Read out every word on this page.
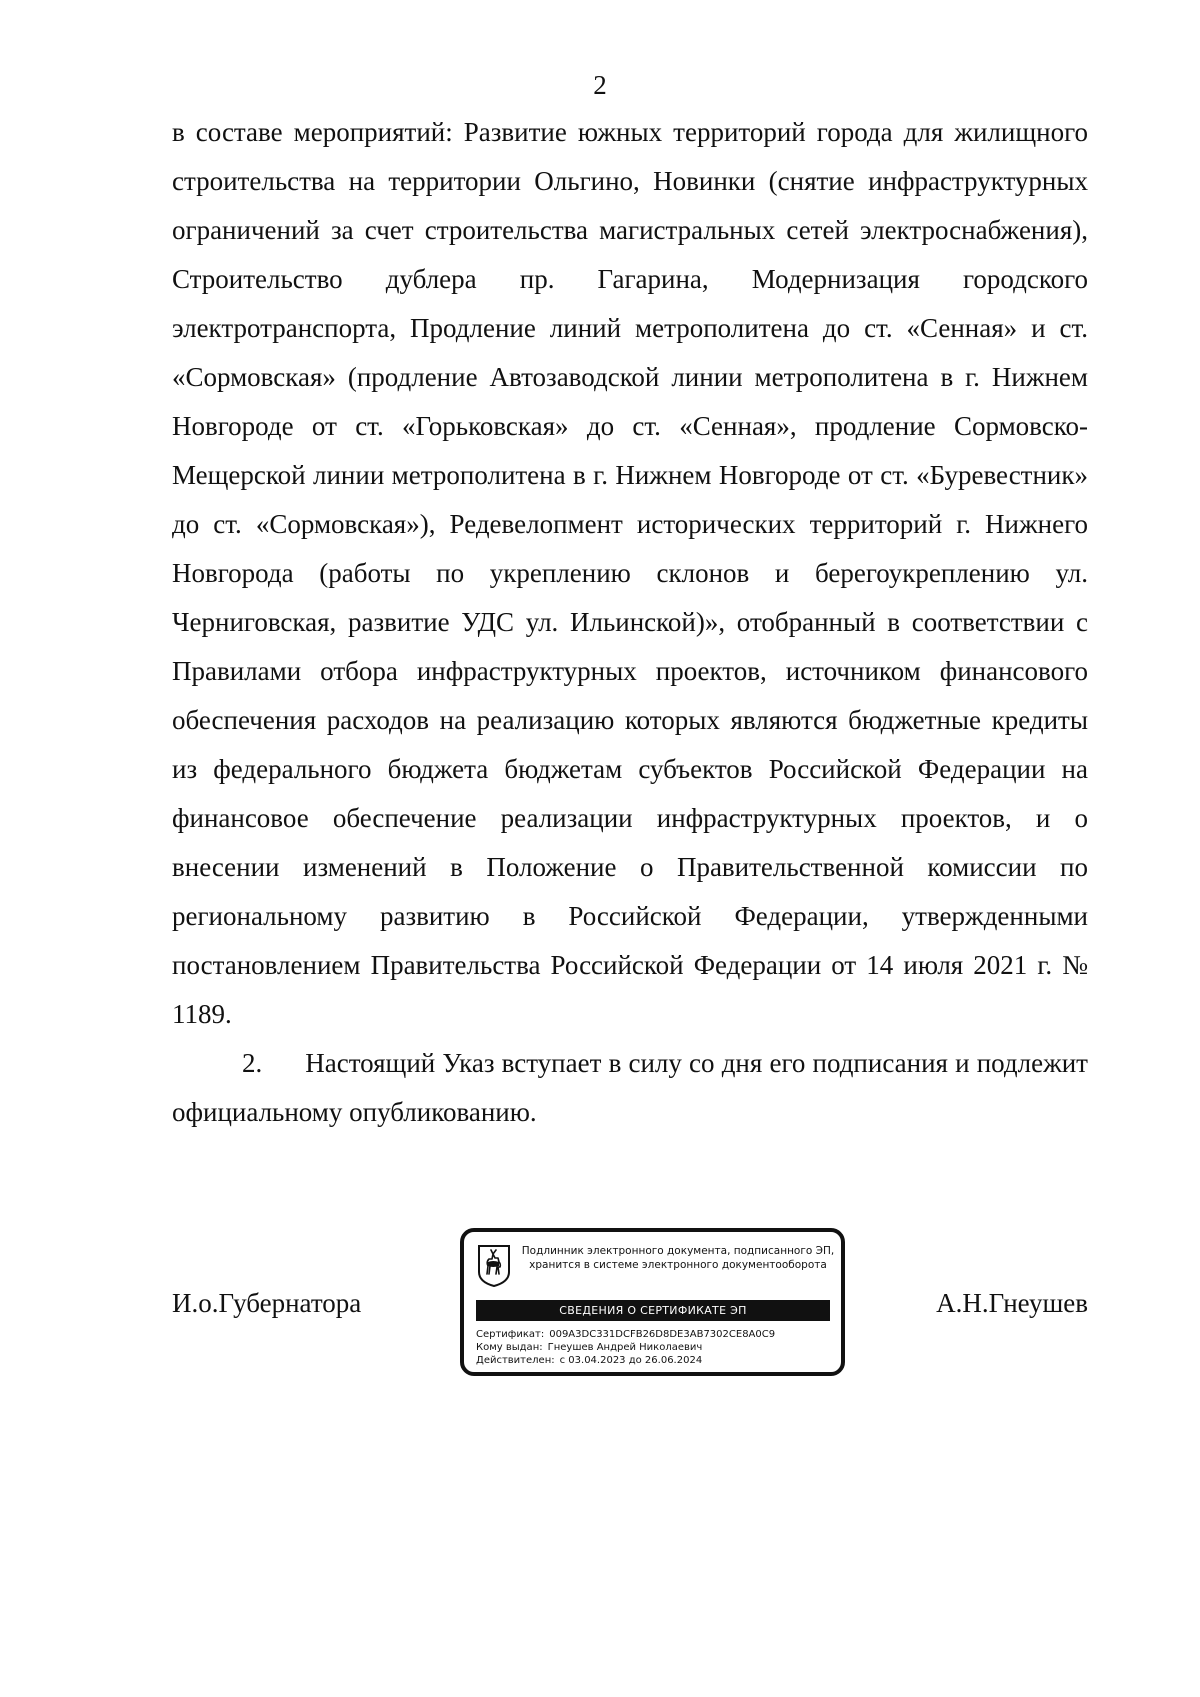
2

в составе мероприятий: Развитие южных территорий города для жилищного строительства на территории Ольгино, Новинки (снятие инфраструктурных ограничений за счет строительства магистральных сетей электроснабжения), Строительство дублера пр. Гагарина, Модернизация городского электротранспорта, Продление линий метрополитена до ст. «Сенная» и ст. «Сормовская» (продление Автозаводской линии метрополитена в г. Нижнем Новгороде от ст. «Горьковская» до ст. «Сенная», продление Сормовско-Мещерской линии метрополитена в г. Нижнем Новгороде от ст. «Буревестник» до ст. «Сормовская»), Редевелопмент исторических территорий г. Нижнего Новгорода (работы по укреплению склонов и берегоукреплению ул. Черниговская, развитие УДС ул. Ильинской)», отобранный в соответствии с Правилами отбора инфраструктурных проектов, источником финансового обеспечения расходов на реализацию которых являются бюджетные кредиты из федерального бюджета бюджетам субъектов Российской Федерации на финансовое обеспечение реализации инфраструктурных проектов, и о внесении изменений в Положение о Правительственной комиссии по региональному развитию в Российской Федерации, утвержденными постановлением Правительства Российской Федерации от 14 июля 2021 г. № 1189.

2.      Настоящий Указ вступает в силу со дня его подписания и подлежит официальному опубликованию.

И.о.Губернатора
Подлинник электронного документа, подписанного ЭП,
хранится в системе электронного документооборота
СВЕДЕНИЯ О СЕРТИФИКАТЕ ЭП
Сертификат: 009A3DC331DCFB26D8DE3AB7302CE8A0C9
Кому выдан: Гнеушев Андрей Николаевич
Действителен: с 03.04.2023 до 26.06.2024
А.Н.Гнеушев
